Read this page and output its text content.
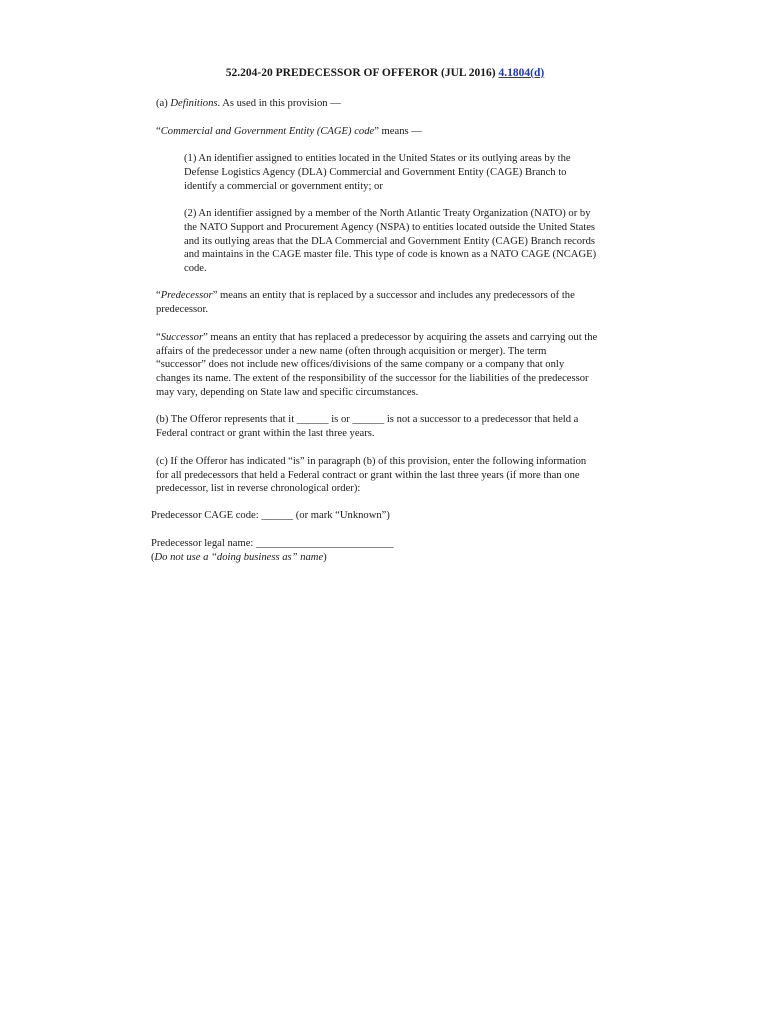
52.204-20 PREDECESSOR OF OFFEROR (JUL 2016) 4.1804(d)
(a) Definitions. As used in this provision —
“Commercial and Government Entity (CAGE) code” means —
(1) An identifier assigned to entities located in the United States or its outlying areas by the
Defense Logistics Agency (DLA) Commercial and Government Entity (CAGE) Branch to
identify a commercial or government entity; or
(2) An identifier assigned by a member of the North Atlantic Treaty Organization (NATO) or by
the NATO Support and Procurement Agency (NSPA) to entities located outside the United States
and its outlying areas that the DLA Commercial and Government Entity (CAGE) Branch records
and maintains in the CAGE master file. This type of code is known as a NATO CAGE (NCAGE)
code.
“Predecessor” means an entity that is replaced by a successor and includes any predecessors of the
predecessor.
“Successor” means an entity that has replaced a predecessor by acquiring the assets and carrying out the
affairs of the predecessor under a new name (often through acquisition or merger). The term
“successor” does not include new offices/divisions of the same company or a company that only
changes its name. The extent of the responsibility of the successor for the liabilities of the predecessor
may vary, depending on State law and specific circumstances.
(b) The Offeror represents that it ______ is or ______ is not a successor to a predecessor that held a
Federal contract or grant within the last three years.
(c) If the Offeror has indicated “is” in paragraph (b) of this provision, enter the following information
for all predecessors that held a Federal contract or grant within the last three years (if more than one
predecessor, list in reverse chronological order):
Predecessor CAGE code: ______ (or mark “Unknown”)
Predecessor legal name: __________________________
(Do not use a “doing business as” name)
